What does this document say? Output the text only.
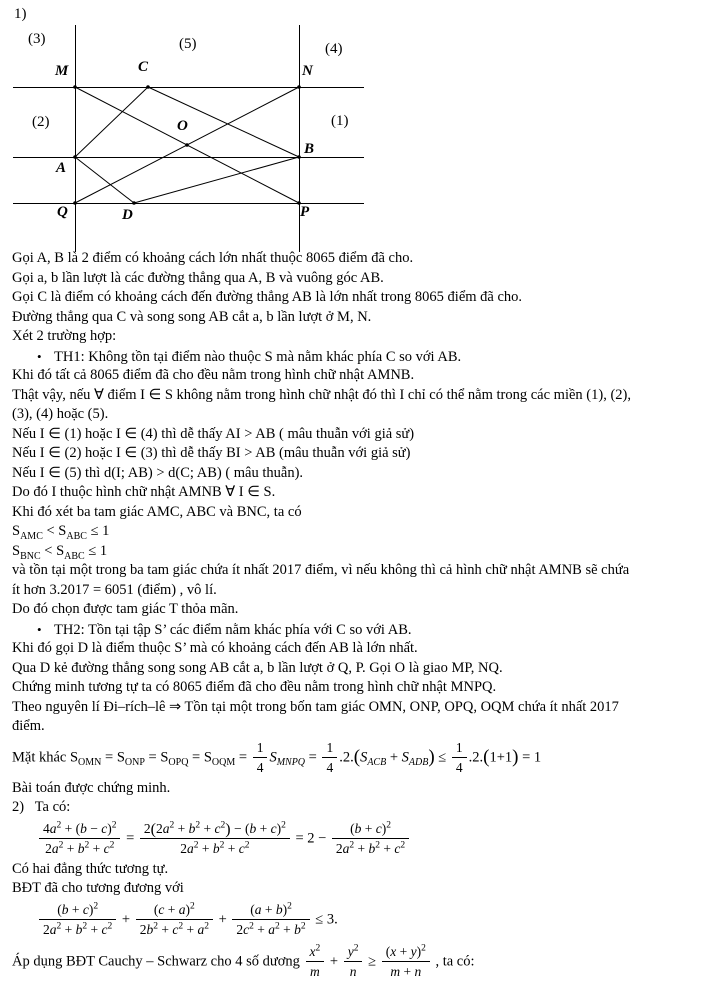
1)
M	C	N
O
A
B
Q	D	P
(3)	(5)	(4)
(2)	(1)
Gọi A, B là 2 điểm có khoảng cách lớn nhất thuộc 8065 điểm đã cho.
Gọi a, b lần lượt là các đường thẳng qua A, B và vuông góc AB.
Gọi C là điểm có khoảng cách đến đường thẳng AB là lớn nhất trong 8065 điểm đã cho.
Đường thẳng qua C và song song AB cắt a, b lần lượt ở M, N.
Xét 2 trường hợp:
• TH1: Không tồn tại điểm nào thuộc S mà nằm khác phía C so với AB.
Khi đó tất cả 8065 điểm đã cho đều nằm trong hình chữ nhật AMNB.
Thật vậy, nếu ∀ điểm I ∈ S không nằm trong hình chữ nhật đó thì I chỉ có thể nằm trong các miền (1), (2),
(3), (4) hoặc (5).
Nếu I ∈ (1) hoặc I ∈ (4) thì dễ thấy AI > AB ( mâu thuẫn với giả sử)
Nếu I ∈ (2) hoặc I ∈ (3) thì dễ thấy BI > AB (mâu thuẫn với giả sử)
Nếu I ∈ (5) thì d(I; AB) > d(C; AB) ( mâu thuẫn).
Do đó I thuộc hình chữ nhật AMNB ∀ I ∈ S.
Khi đó xét ba tam giác AMC, ABC và BNC, ta có
$S_{AMC} < S_{ABC} \le 1$
$S_{BNC} < S_{ABC} \le 1$
và tồn tại một trong ba tam giác chứa ít nhất 2017 điểm, vì nếu không thì cả hình chữ nhật AMNB sẽ chứa
ít hơn 3.2017 = 6051 (điểm) , vô lí.
Do đó chọn được tam giác T thỏa mãn.
• TH2: Tồn tại tập S’ các điểm nằm khác phía với C so với AB.
Khi đó gọi D là điểm thuộc S’ mà có khoảng cách đến AB là lớn nhất.
Qua D kẻ đường thẳng song song AB cắt a, b lần lượt ở Q, P. Gọi O là giao MP, NQ.
Chứng minh tương tự ta có 8065 điểm đã cho đều nằm trong hình chữ nhật MNPQ.
Theo nguyên lí Đi–rích–lê ⇒ Tồn tại một trong bốn tam giác OMN, ONP, OPQ, OQM chứa ít nhất 2017
điểm.
Mặt khác $S_{OMN} = S_{ONP} = S_{OPQ} = S_{OQM} = \frac{1}{4} S_{MNPQ} = \frac{1}{4} .2.(S_{ACB} + S_{ADB}) \le \frac{1}{4} .2.(1+1) = 1$
Bài toán được chứng minh.
2)   Ta có:
$\frac{4a^2 + (b - c)^2}{2a^2 + b^2 + c^2} = \frac{2(2a^2 + b^2 + c^2) - (b + c)^2}{2a^2 + b^2 + c^2} = 2 - \frac{(b + c)^2}{2a^2 + b^2 + c^2}$
Có hai đẳng thức tương tự.
BĐT đã cho tương đương với
$\frac{(b + c)^2}{2a^2 + b^2 + c^2} + \frac{(c + a)^2}{2b^2 + c^2 + a^2} + \frac{(a + b)^2}{2c^2 + a^2 + b^2} \le 3$.
Áp dụng BĐT Cauchy – Schwarz cho 4 số dương $\frac{x^2}{m} + \frac{y^2}{n} \ge \frac{(x + y)^2}{m + n}$ , ta có:
